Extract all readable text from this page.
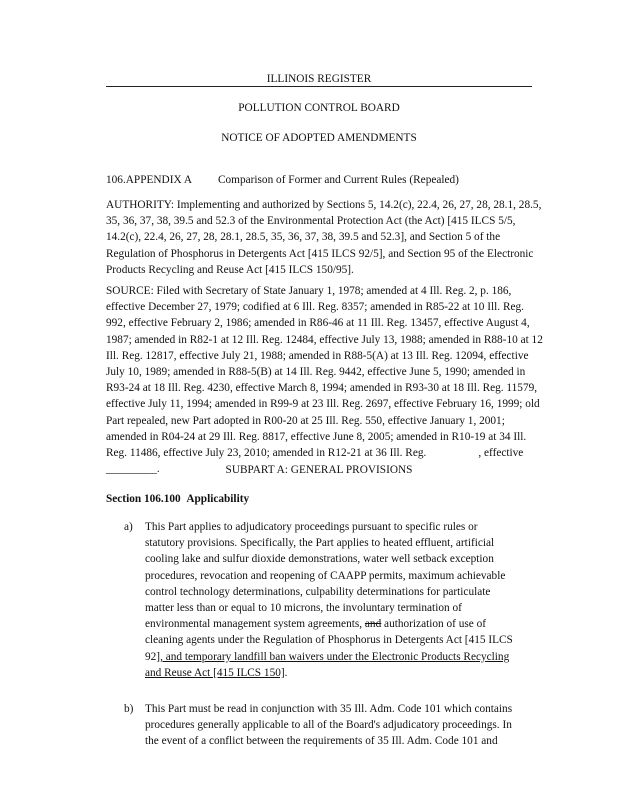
ILLINOIS REGISTER
POLLUTION CONTROL BOARD
NOTICE OF ADOPTED AMENDMENTS
106.APPENDIX A Comparison of Former and Current Rules (Repealed)
AUTHORITY: Implementing and authorized by Sections 5, 14.2(c), 22.4, 26, 27, 28, 28.1, 28.5,
35, 36, 37, 38, 39.5 and 52.3 of the Environmental Protection Act (the Act) [415 ILCS 5/5,
14.2(c), 22.4, 26, 27, 28, 28.1, 28.5, 35, 36, 37, 38, 39.5 and 52.3], and Section 5 of the
Regulation of Phosphorus in Detergents Act [415 ILCS 92/5], and Section 95 of the Electronic
Products Recycling and Reuse Act [415 ILCS 150/95].
SOURCE: Filed with Secretary of State January 1, 1978; amended at 4 Ill. Reg. 2, p. 186,
effective December 27, 1979; codified at 6 Ill. Reg. 8357; amended in R85-22 at 10 Ill. Reg.
992, effective February 2, 1986; amended in R86-46 at 11 Ill. Reg. 13457, effective August 4,
1987; amended in R82-1 at 12 Ill. Reg. 12484, effective July 13, 1988; amended in R88-10 at 12
Ill. Reg. 12817, effective July 21, 1988; amended in R88-5(A) at 13 Ill. Reg. 12094, effective
July 10, 1989; amended in R88-5(B) at 14 Ill. Reg. 9442, effective June 5, 1990; amended in
R93-24 at 18 Ill. Reg. 4230, effective March 8, 1994; amended in R93-30 at 18 Ill. Reg. 11579,
effective July 11, 1994; amended in R99-9 at 23 Ill. Reg. 2697, effective February 16, 1999; old
Part repealed, new Part adopted in R00-20 at 25 Ill. Reg. 550, effective January 1, 2001;
amended in R04-24 at 29 Ill. Reg. 8817, effective June 8, 2005; amended in R10-19 at 34 Ill.
Reg. 11486, effective July 23, 2010; amended in R12-21 at 36 Ill. Reg.	, effective
_________.	SUBPART A: GENERAL PROVISIONS
Section 106.100 Applicability
a) This Part applies to adjudicatory proceedings pursuant to specific rules or
statutory provisions. Specifically, the Part applies to heated effluent, artificial
cooling lake and sulfur dioxide demonstrations, water well setback exception
procedures, revocation and reopening of CAAPP permits, maximum achievable
control technology determinations, culpability determinations for particulate
matter less than or equal to 10 microns, the involuntary termination of
environmental management system agreements, and authorization of use of
cleaning agents under the Regulation of Phosphorus in Detergents Act [415 ILCS
92], and temporary landfill ban waivers under the Electronic Products Recycling
and Reuse Act [415 ILCS 150].
b) This Part must be read in conjunction with 35 Ill. Adm. Code 101 which contains
procedures generally applicable to all of the Board's adjudicatory proceedings. In
the event of a conflict between the requirements of 35 Ill. Adm. Code 101 and
